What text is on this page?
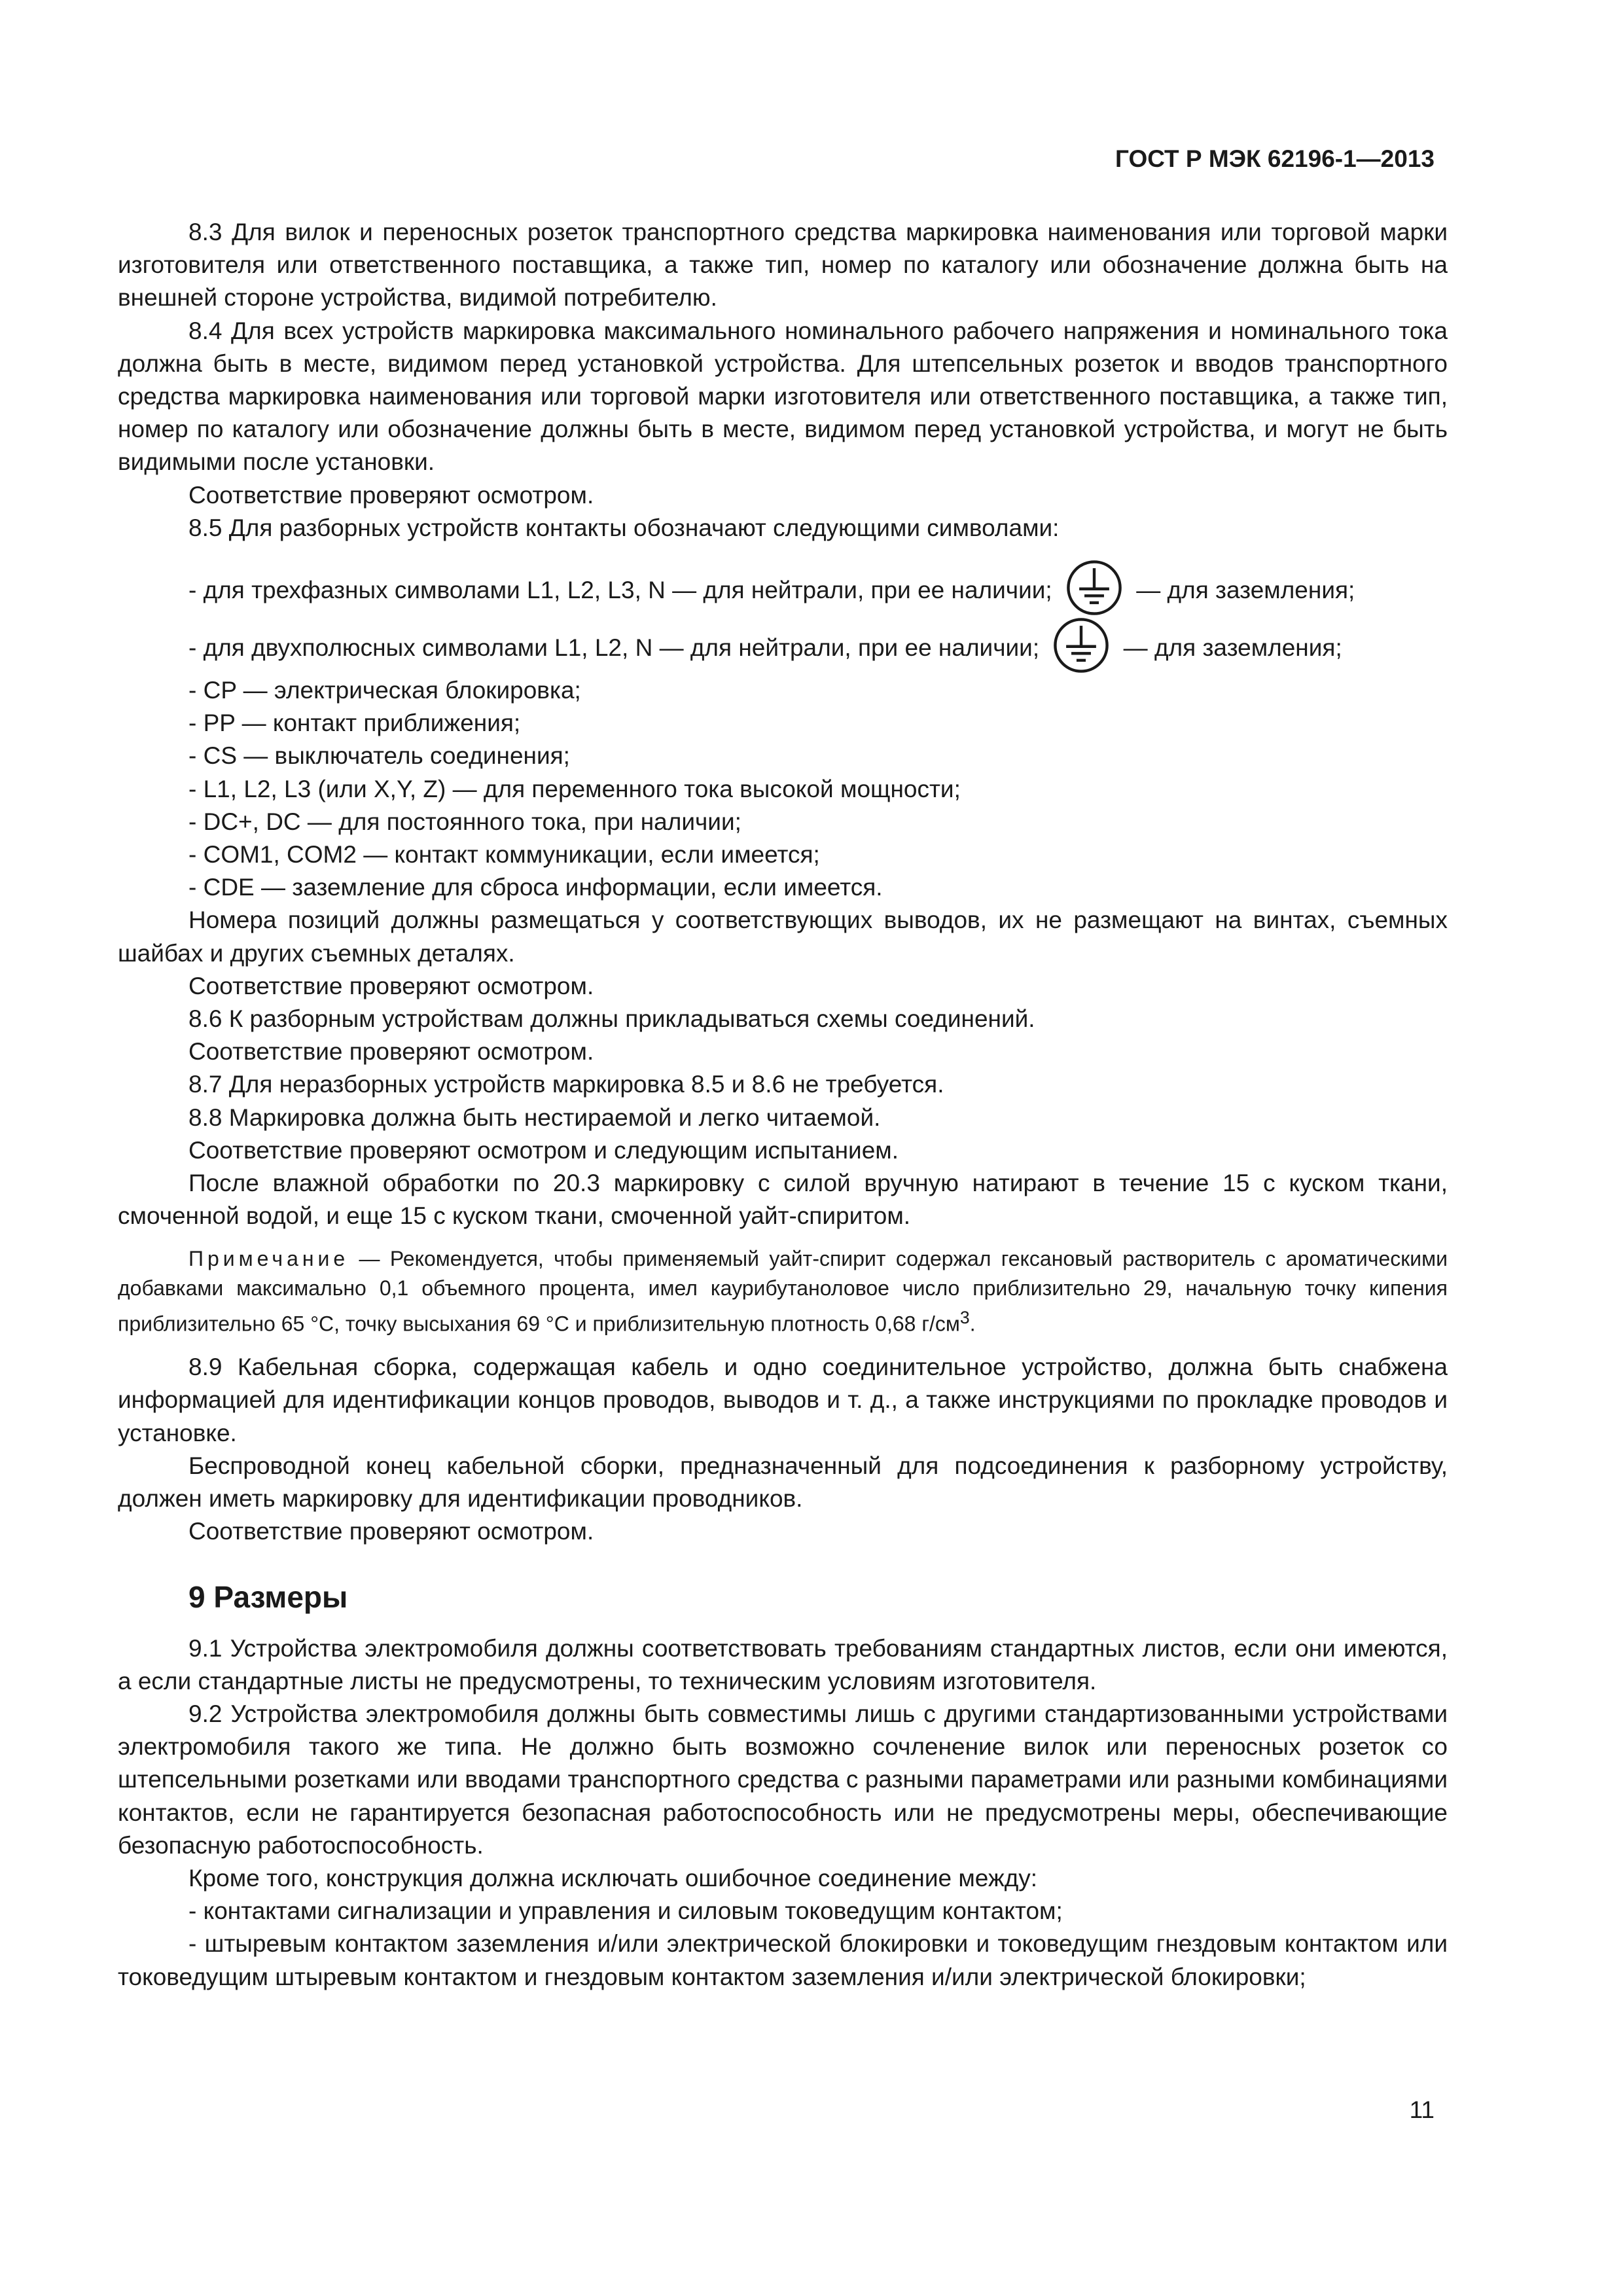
ГОСТ Р МЭК 62196-1—2013

8.3 Для вилок и переносных розеток транспортного средства маркировка наименования или торговой марки изготовителя или ответственного поставщика, а также тип, номер по каталогу или обозначение должна быть на внешней стороне устройства, видимой потребителю.

8.4 Для всех устройств маркировка максимального номинального рабочего напряжения и номинального тока должна быть в месте, видимом перед установкой устройства. Для штепсельных розеток и вводов транспортного средства маркировка наименования или торговой марки изготовителя или ответственного поставщика, а также тип, номер по каталогу или обозначение должны быть в месте, видимом перед установкой устройства, и могут не быть видимыми после установки.

Соответствие проверяют осмотром.

8.5 Для разборных устройств контакты обозначают следующими символами:

- для трехфазных символами L1, L2, L3, N — для нейтрали, при ее наличии;	— для заземления;

- для двухполюсных символами L1, L2, N — для нейтрали, при ее наличии;	— для заземления;

- CP — электрическая блокировка;

- PP — контакт приближения;

- CS — выключатель соединения;

- L1, L2, L3 (или X,Y, Z) — для переменного тока высокой мощности;

- DC+, DC — для постоянного тока, при наличии;

- COM1, COM2 — контакт коммуникации, если имеется;

- CDE — заземление для сброса информации, если имеется.

Номера позиций должны размещаться у соответствующих выводов, их не размещают на винтах, съемных шайбах и других съемных деталях.

Соответствие проверяют осмотром.

8.6 К разборным устройствам должны прикладываться схемы соединений.

Соответствие проверяют осмотром.

8.7 Для неразборных устройств маркировка 8.5 и 8.6 не требуется.

8.8 Маркировка должна быть нестираемой и легко читаемой.

Соответствие проверяют осмотром и следующим испытанием.

После влажной обработки по 20.3 маркировку с силой вручную натирают в течение 15 с куском ткани, смоченной водой, и еще 15 с куском ткани, смоченной уайт-спиритом.

Примечание — Рекомендуется, чтобы применяемый уайт-спирит содержал гексановый растворитель с ароматическими добавками максимально 0,1 объемного процента, имел каурибутаноловое число приблизительно 29, начальную точку кипения приблизительно 65 °С, точку высыхания 69 °С и приблизительную плотность 0,68 $г/см^3$.

8.9 Кабельная сборка, содержащая кабель и одно соединительное устройство, должна быть снабжена информацией для идентификации концов проводов, выводов и т. д., а также инструкциями по прокладке проводов и установке.

Беспроводной конец кабельной сборки, предназначенный для подсоединения к разборному устройству, должен иметь маркировку для идентификации проводников.

Соответствие проверяют осмотром.

9 Размеры

9.1 Устройства электромобиля должны соответствовать требованиям стандартных листов, если они имеются, а если стандартные листы не предусмотрены, то техническим условиям изготовителя.

9.2 Устройства электромобиля должны быть совместимы лишь с другими стандартизованными устройствами электромобиля такого же типа. Не должно быть возможно сочленение вилок или переносных розеток со штепсельными розетками или вводами транспортного средства с разными параметрами или разными комбинациями контактов, если не гарантируется безопасная работоспособность или не предусмотрены меры, обеспечивающие безопасную работоспособность.

Кроме того, конструкция должна исключать ошибочное соединение между:

- контактами сигнализации и управления и силовым токоведущим контактом;

- штыревым контактом заземления и/или электрической блокировки и токоведущим гнездовым контактом или токоведущим штыревым контактом и гнездовым контактом заземления и/или электрической блокировки;

11
